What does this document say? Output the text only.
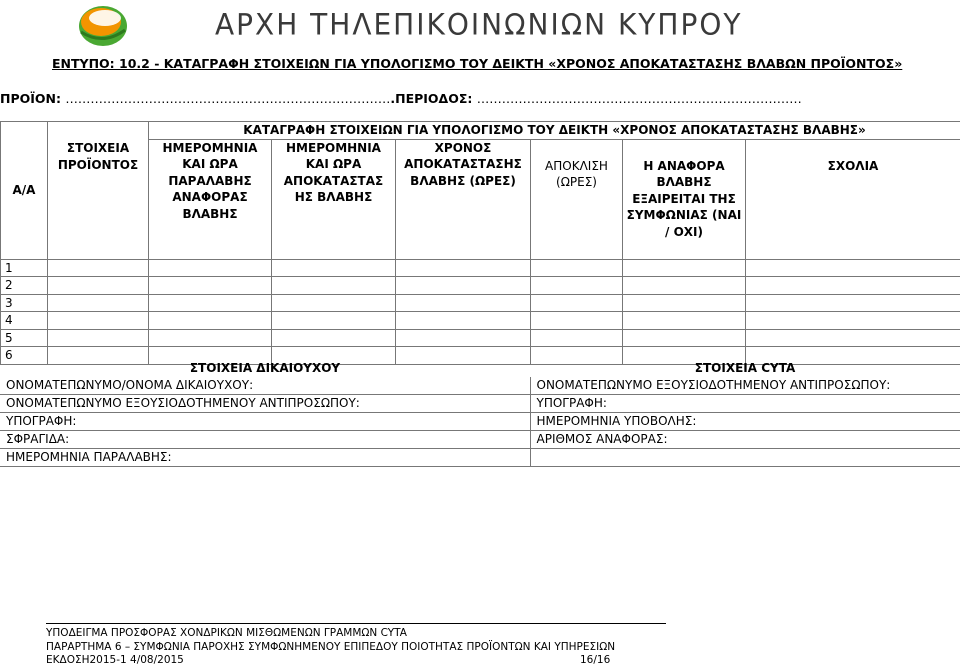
ΑΡΧΗ ΤΗΛΕΠΙΚΟΙΝΩΝΙΩΝ ΚΥΠΡΟΥ
ΕΝΤΥΠΟ: 10.2 - ΚΑΤΑΓΡΑΦΗ ΣΤΟΙΧΕΙΩΝ ΓΙΑ ΥΠΟΛΟΓΙΣΜΟ ΤΟΥ ΔΕΙΚΤΗ «ΧΡΟΝΟΣ ΑΠΟΚΑΤΑΣΤΑΣΗΣ ΒΛΑΒΩΝ ΠΡΟΪΟΝΤΟΣ»
ΠΡΟΪΟΝ: …………………………………………………………………….ΠΕΡΙΟΔΟΣ: ……………………………………………………………………
Α/Α	ΣΤΟΙΧΕΙΑ ΠΡΟΪΟΝΤΟΣ	ΚΑΤΑΓΡΑΦΗ ΣΤΟΙΧΕΙΩΝ ΓΙΑ ΥΠΟΛΟΓΙΣΜΟ ΤΟΥ ΔΕΙΚΤΗ «ΧΡΟΝΟΣ ΑΠΟΚΑΤΑΣΤΑΣΗΣ ΒΛΑΒΗΣ»					
		ΗΜΕΡΟΜΗΝΙΑ ΚΑΙ ΩΡΑ ΠΑΡΑΛΑΒΗΣ ΑΝΑΦΟΡΑΣ ΒΛΑΒΗΣ	ΗΜΕΡΟΜΗΝΙΑ ΚΑΙ ΩΡΑ ΑΠΟΚΑΤΑΣΤΑΣ ΗΣ ΒΛΑΒΗΣ	ΧΡΟΝΟΣ ΑΠΟΚΑΤΑΣΤΑΣΗΣ ΒΛΑΒΗΣ (ΩΡΕΣ)	ΑΠΟΚΛΙΣΗ (ΩΡΕΣ)	Η ΑΝΑΦΟΡΑ ΒΛΑΒΗΣ ΕΞΑΙΡΕΙΤΑΙ ΤΗΣ ΣΥΜΦΩΝΙΑΣ (ΝΑΙ / ΟΧΙ)	ΣΧΟΛΙΑ
1							
2							
3							
4							
5							
6							
ΣΤΟΙΧΕΙΑ ΔΙΚΑΙΟΥΧΟΥ	ΣΤΟΙΧΕΙΑ CYTA
ΟΝΟΜΑΤΕΠΩΝΥΜΟ/ΟΝΟΜΑ ΔΙΚΑΙΟΥΧΟΥ:	ΟΝΟΜΑΤΕΠΩΝΥΜΟ ΕΞΟΥΣΙΟΔΟΤΗΜΕΝΟΥ ΑΝΤΙΠΡΟΣΩΠΟΥ:
ΟΝΟΜΑΤΕΠΩΝΥΜΟ ΕΞΟΥΣΙΟΔΟΤΗΜΕΝΟΥ ΑΝΤΙΠΡΟΣΩΠΟΥ:	ΥΠΟΓΡΑΦΗ:
ΥΠΟΓΡΑΦΗ:	ΗΜΕΡΟΜΗΝΙΑ ΥΠΟΒΟΛΗΣ:
ΣΦΡΑΓΙΔΑ:	ΑΡΙΘΜΟΣ ΑΝΑΦΟΡΑΣ:
ΗΜΕΡΟΜΗΝΙΑ ΠΑΡΑΛΑΒΗΣ:	
ΥΠΟΔΕΙΓΜΑ ΠΡΟΣΦΟΡΑΣ ΧΟΝΔΡΙΚΩΝ ΜΙΣΘΩΜΕΝΩΝ ΓΡΑΜΜΩΝ CYTA
ΠΑΡΑΡΤΗΜΑ 6 – ΣΥΜΦΩΝΙΑ ΠΑΡΟΧΗΣ ΣΥΜΦΩΝΗΜΕΝΟΥ ΕΠΙΠΕΔΟΥ ΠΟΙΟΤΗΤΑΣ ΠΡΟΪΟΝΤΩΝ ΚΑΙ ΥΠΗΡΕΣΙΩΝ
ΕΚΔΟΣΗ2015-1 4/08/2015	16/16
